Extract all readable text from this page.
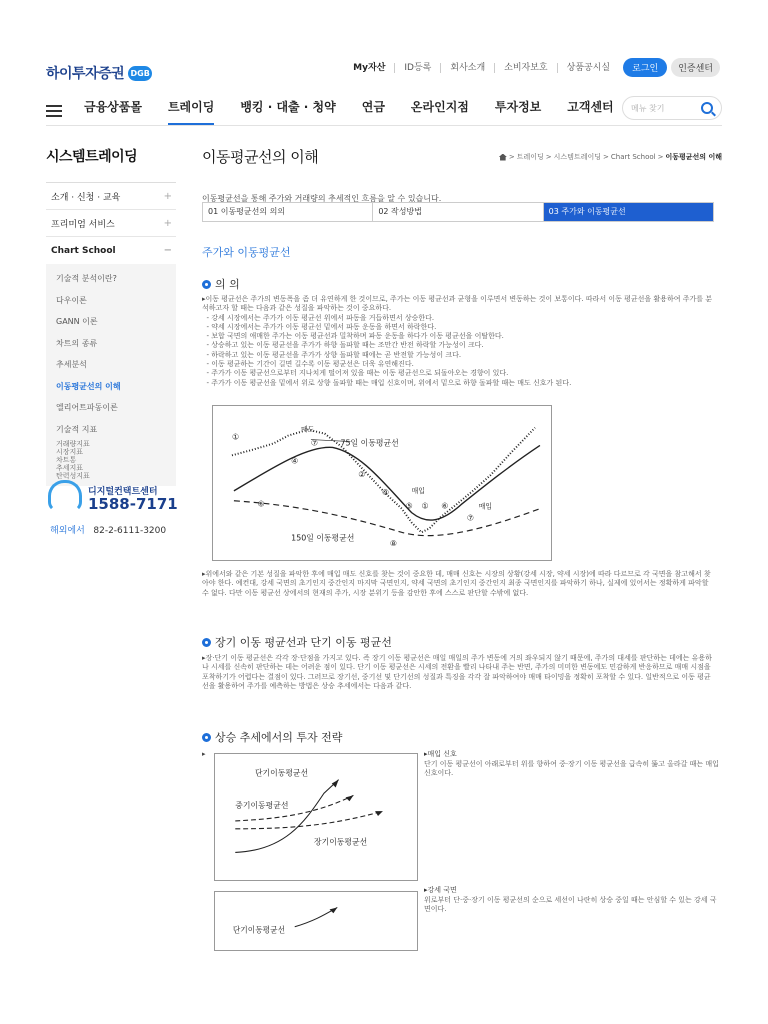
하이투자증권 DGB
My자산	ID등록	회사소개	소비자보호	상품공시실	로그인	인증센터
금융상품몰 트레이딩 뱅킹 · 대출 · 청약 연금 온라인지점 투자정보 고객센터 메뉴 찾기
시스템트레이딩
소개 · 신청 · 교육	+
프리미엄 서비스	+
Chart School	−
기술적 분석이란?
다우이론
GANN 이론
차트의 종류
추세분석
이동평균선의 이해
엘리어트파동이론
기술적 지표
거래량지표
시장지표
차트통
추세지표
탄력성지표
디지털컨택트센터
1588-7171
해외에서 82-2-6111-3200
이동평균선의 이해	> 트레이딩 > 시스템트레이딩 > Chart School > 이동평균선의 이해
이동평균선을 통해 주가와 거래량의 추세적인 흐름을 알 수 있습니다.
01 이동평균선의 의의	02 작성방법	03 주가와 이동평균선
주가와 이동평균선
의 의

▸이동 평균선은 주가의 변동폭을 좀 더 유연하게 한 것이므로, 주가는 이동 평균선과 균형을 이루면서 변동하는 것이 보통이다. 따라서 이동 평균선을 활용하여 주가를 분석하고자 할 때는 다음과 같은 성질을 파악하는 것이 중요하다.

- 강세 시장에서는 주가가 이동 평균선 위에서 파동을 거듭하면서 상승한다.

- 약세 시장에서는 주가가 이동 평균선 밑에서 파동 운동을 하면서 하락한다.

- 보합 국면의 애매한 주가는 이동 평균선과 밀착하며 파동 운동을 하다가 이동 평균선을 이탈한다.

- 상승하고 있는 이동 평균선을 주가가 하향 돌파할 때는 조만간 반전 하락할 가능성이 크다.

- 하락하고 있는 이동 평균선을 주가가 상향 돌파할 때에는 곧 반전할 가능성이 크다.

- 이동 평균하는 기간이 길면 길수록 이동 평균선은 더욱 유연해진다.

- 주가가 이동 평균선으로부터 지나치게 떨어져 있을 때는 이동 평균선으로 되돌아오는 경향이 있다.

- 주가가 이동 평균선을 밑에서 위로 상향 돌파할 때는 매입 신호이며, 위에서 밑으로 하향 돌파할 때는 매도 신호가 된다.

75일 이동평균선
150일 이동평균선
매도
매입
매입
①
②
③
④
⑤
⑥
⑦
⑧
⑦
① ⑥

▸위에서와 같은 기본 성질을 파악한 후에 매입 매도 신호를 찾는 것이 중요한 데, 매매 신호는 시장의 상황(강세 시장, 약세 시장)에 따라 다르므로 각 국면을 참고해서 찾아야 한다. 예컨대, 강세 국면의 초기인지 중간인지 마지막 국면인지, 약세 국면의 초기인지 중간인지 최종 국면인지를 파악하기 하나, 실제에 있어서는 정확하게 파악할 수 없다. 다만 이동 평균선 상에서의 현재의 주가, 시장 분위기 등을 감안한 후에 스스로 판단할 수밖에 없다.

장기 이동 평균선과 단기 이동 평균선

▸장·단기 이동 평균선은 각각 장·단점을 가지고 있다. 즉 장기 이동 평균선은 매일 매일의 주가 변동에 거의 좌우되지 않기 때문에, 주가의 대세를 판단하는 데에는 유용하나 시세를 신속히 판단하는 데는 어려운 점이 있다. 단기 이동 평균선은 시세의 전환을 빨리 나타내 주는 반면, 주가의 미미한 변동에도 민감하게 반응하므로 매매 시점을 포착하기가 어렵다는 결점이 있다. 그러므로 장기선, 중기선 및 단기선의 성질과 특징을 각각 잘 파악하여야 매매 타이밍을 정확히 포착할 수 있다. 일반적으로 이동 평균선을 활용하여 주가를 예측하는 방법은 상승 추세에서는 다음과 같다.

상승 추세에서의 투자 전략
▸
단기이동평균선
중기이동평균선
장기이동평균선
▸매입 신호
단기 이동 평균선이 아래로부터 위를 향하여 중·장기 이동 평균선을 급속히 뚫고 올라갈 때는 매입 신호이다.
단기이동평균선
▸강세 국면
위로부터 단·중·장기 이동 평균선의 순으로 세선이 나란히 상승 중일 때는 안심할 수 있는 강세 국면이다.
